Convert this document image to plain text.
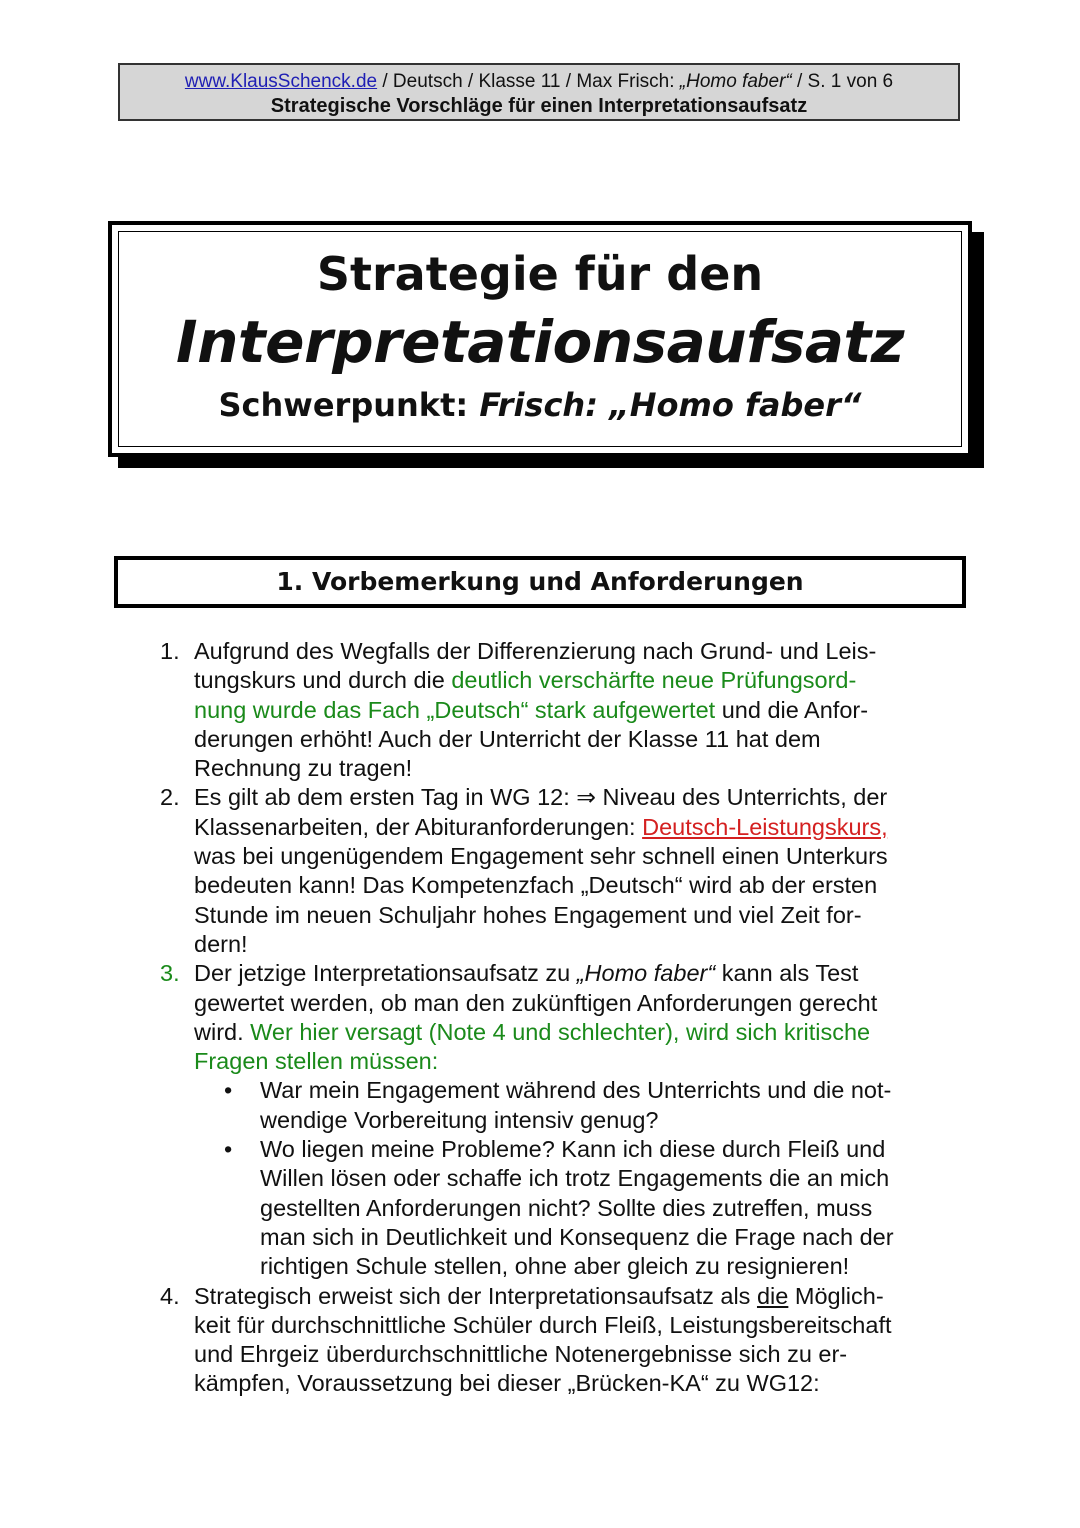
www.KlausSchenck.de / Deutsch / Klasse 11 / Max Frisch: „Homo faber“ / S. 1 von 6
Strategische Vorschläge für einen Interpretationsaufsatz
Strategie für den
Interpretationsaufsatz
Schwerpunkt: Frisch: „Homo faber“
1. Vorbemerkung und Anforderungen
1. Aufgrund des Wegfalls der Differenzierung nach Grund- und Leis-
tungskurs und durch die deutlich verschärfte neue Prüfungsord-
nung wurde das Fach „Deutsch“ stark aufgewertet und die Anfor-
derungen erhöht! Auch der Unterricht der Klasse 11 hat dem
Rechnung zu tragen!
2. Es gilt ab dem ersten Tag in WG 12: ⇒ Niveau des Unterrichts, der
Klassenarbeiten, der Abituranforderungen: Deutsch-Leistungskurs,
was bei ungenügendem Engagement sehr schnell einen Unterkurs
bedeuten kann! Das Kompetenzfach „Deutsch“ wird ab der ersten
Stunde im neuen Schuljahr hohes Engagement und viel Zeit for-
dern!
3. Der jetzige Interpretationsaufsatz zu „Homo faber“ kann als Test
gewertet werden, ob man den zukünftigen Anforderungen gerecht
wird. Wer hier versagt (Note 4 und schlechter), wird sich kritische
Fragen stellen müssen:
• War mein Engagement während des Unterrichts und die not-
wendige Vorbereitung intensiv genug?
• Wo liegen meine Probleme? Kann ich diese durch Fleiß und
Willen lösen oder schaffe ich trotz Engagements die an mich
gestellten Anforderungen nicht? Sollte dies zutreffen, muss
man sich in Deutlichkeit und Konsequenz die Frage nach der
richtigen Schule stellen, ohne aber gleich zu resignieren!
4. Strategisch erweist sich der Interpretationsaufsatz als die Möglich-
keit für durchschnittliche Schüler durch Fleiß, Leistungsbereitschaft
und Ehrgeiz überdurchschnittliche Notenergebnisse sich zu er-
kämpfen, Voraussetzung bei dieser „Brücken-KA“ zu WG12:
